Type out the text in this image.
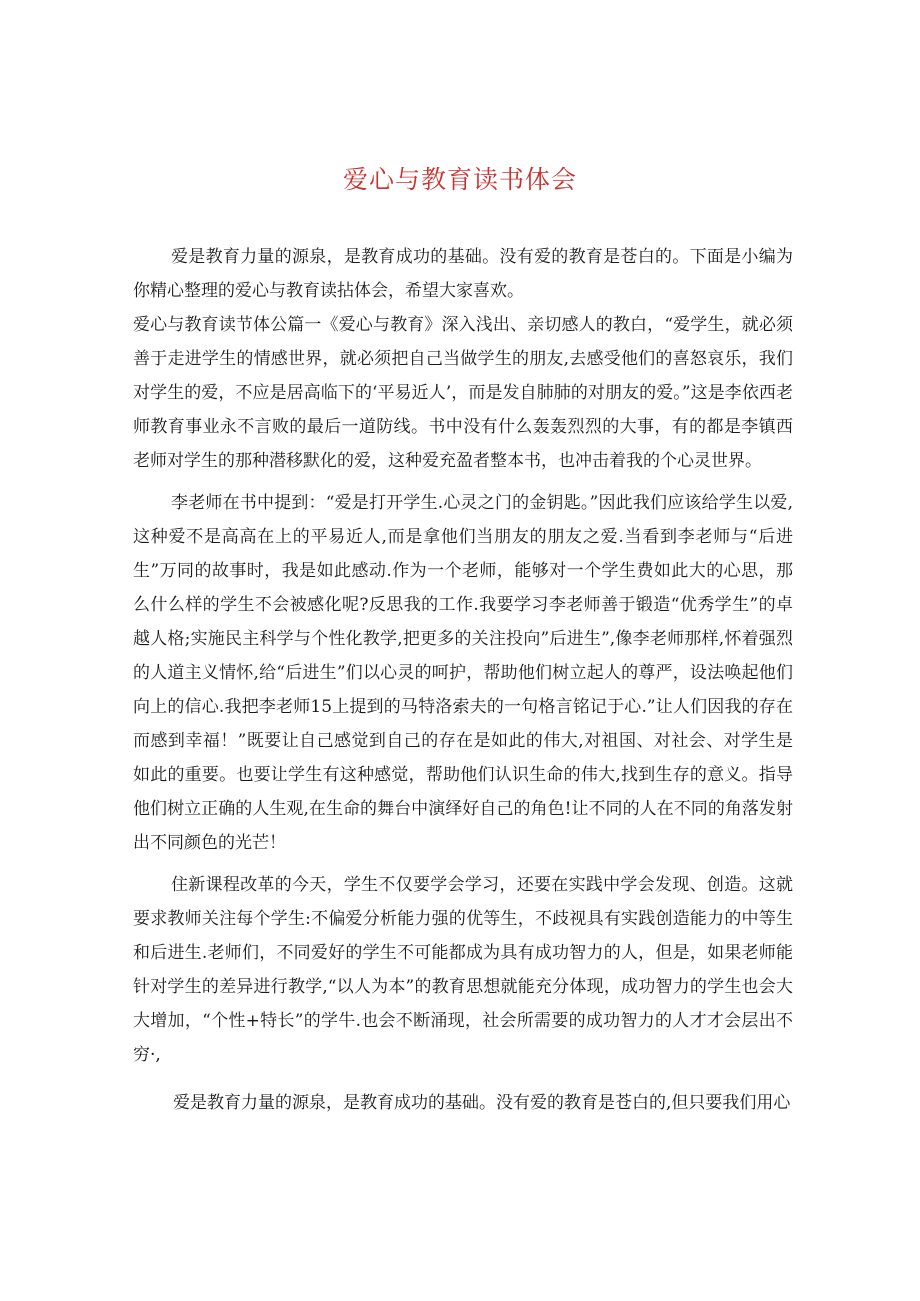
爱心与教育读书体会

爱是教育力量的源泉，是教育成功的基础。没有爱的教育是苍白的。下面是小编为你精心整理的爱心与教育读拈体会，希望大家喜欢。

爱心与教育读节体公篇一《爱心与教育》深入浅出、亲切感人的教白，“爱学生，就必须善于走进学生的情感世界，就必须把自己当做学生的朋友,去感受他们的喜怒哀乐，我们对学生的爱，不应是居高临下的‘平易近人’，而是发自肺肺的对朋友的爱。”这是李依西老师教育事业永不言败的最后一道防线。书中没有什么轰轰烈烈的大事，有的都是李镇西老师对学生的那种潜移默化的爱，这种爱充盈者整本书，也冲击着我的个心灵世界。

李老师在书中提到：“爱是打开学生.心灵之门的金钥匙。”因此我们应该给学生以爱,这种爱不是高高在上的平易近人,而是拿他们当朋友的朋友之爱.当看到李老师与“后进生”万同的故事时，我是如此感动.作为一个老师，能够对一个学生费如此大的心思，那么什么样的学生不会被感化呢?反思我的工作.我要学习李老师善于锻造“优秀学生”的卓越人格;实施民主科学与个性化教学,把更多的关注投向”后进生”,像李老师那样,怀着强烈的人道主义情怀,给“后进生”们以心灵的呵护，帮助他们树立起人的尊严，设法唤起他们向上的信心.我把李老师15上提到的马特洛索夫的一句格言铭记于心.”让人们因我的存在而感到幸福！”既要让自己感觉到自己的存在是如此的伟大,对祖国、对社会、对学生是如此的重要。也要让学生有这种感觉，帮助他们认识生命的伟大,找到生存的意义。指导他们树立正确的人生观,在生命的舞台中演绎好自己的角色!让不同的人在不同的角落发射出不同颜色的光芒！

住新课程改革的今天，学生不仅要学会学习，还要在实践中学会发现、创造。这就要求教师关注每个学生:不偏爱分析能力强的优等生，不歧视具有实践创造能力的中等生和后进生.老师们，不同爱好的学生不可能都成为具有成功智力的人，但是，如果老师能针对学生的差异进行教学,“以人为本”的教育思想就能充分体现，成功智力的学生也会大大增加，“个性+特长”的学牛.也会不断涌现，社会所需要的成功智力的人才才会层出不穷·,

爱是教育力量的源泉，是教育成功的基础。没有爱的教育是苍白的,但只要我们用心
